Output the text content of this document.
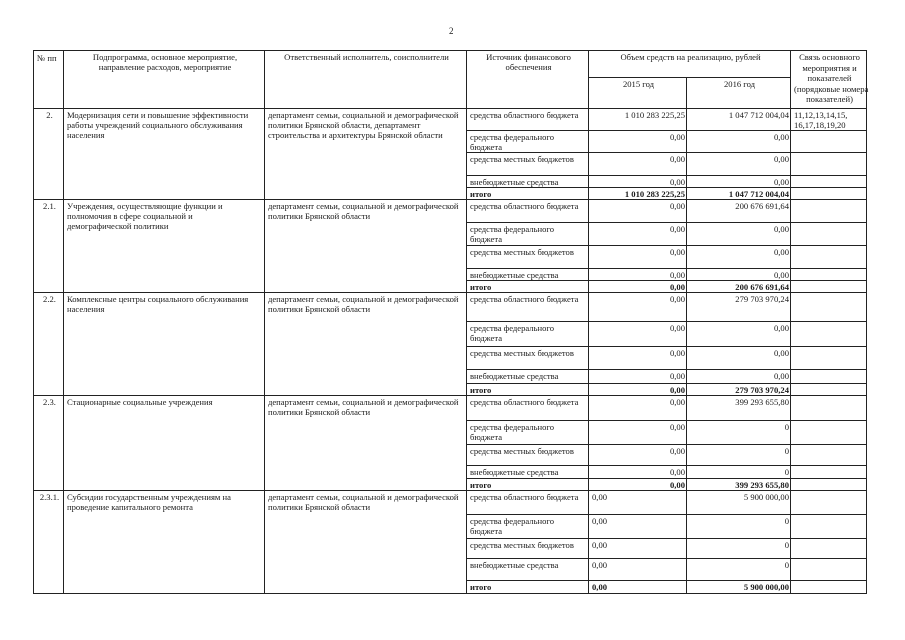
2
№ пп	Подпрограмма, основное мероприятие,
направление расходов, мероприятие	Ответственный исполнитель, соисполнители	Источник финансового
обеспечения	Объем средств на реализацию, рублей		Связь основного
мероприятия и
показателей
(порядковые номера
показателей)
				2015 год	2016 год	
2.	Модернизация сети и повышение эффективности
работы учреждений социального обслуживания
населения	департамент семьи, социальной и демографической
политики Брянской области, департамент
строительства и архитектуры Брянской области	средства областного бюджета	1 010 283 225,25	1 047 712 004,04	11,12,13,14,15,
16,17,18,19,20
			средства федерального
бюджета	0,00	0,00	
			средства местных бюджетов	0,00	0,00	
			внебюджетные средства	0,00	0,00	
			итого	1 010 283 225,25	1 047 712 004,04	
2.1.	Учреждения, осуществляющие функции и
полномочия в сфере социальной и
демографической политики	департамент семьи, социальной и демографической
политики Брянской области	средства областного бюджета	0,00	200 676 691,64	
			средства федерального
бюджета	0,00	0,00	
			средства местных бюджетов	0,00	0,00	
			внебюджетные средства	0,00	0,00	
			итого	0,00	200 676 691,64	
2.2.	Комплексные центры социального обслуживания
населения	департамент семьи, социальной и демографической
политики Брянской области	средства областного бюджета	0,00	279 703 970,24	
			средства федерального
бюджета	0,00	0,00	
			средства местных бюджетов	0,00	0,00	
			внебюджетные средства	0,00	0,00	
			итого	0,00	279 703 970,24	
2.3.	Стационарные социальные учреждения	департамент семьи, социальной и демографической
политики Брянской области	средства областного бюджета	0,00	399 293 655,80	
			средства федерального
бюджета	0,00	0	
			средства местных бюджетов	0,00	0	
			внебюджетные средства	0,00	0	
			итого	0,00	399 293 655,80	
2.3.1.	Субсидии государственным учреждениям на
проведение капитального ремонта	департамент семьи, социальной и демографической
политики Брянской области	средства областного бюджета	0,00	5 900 000,00	
			средства федерального
бюджета	0,00	0	
			средства местных бюджетов	0,00	0	
			внебюджетные средства	0,00	0	
			итого	0,00	5 900 000,00	
